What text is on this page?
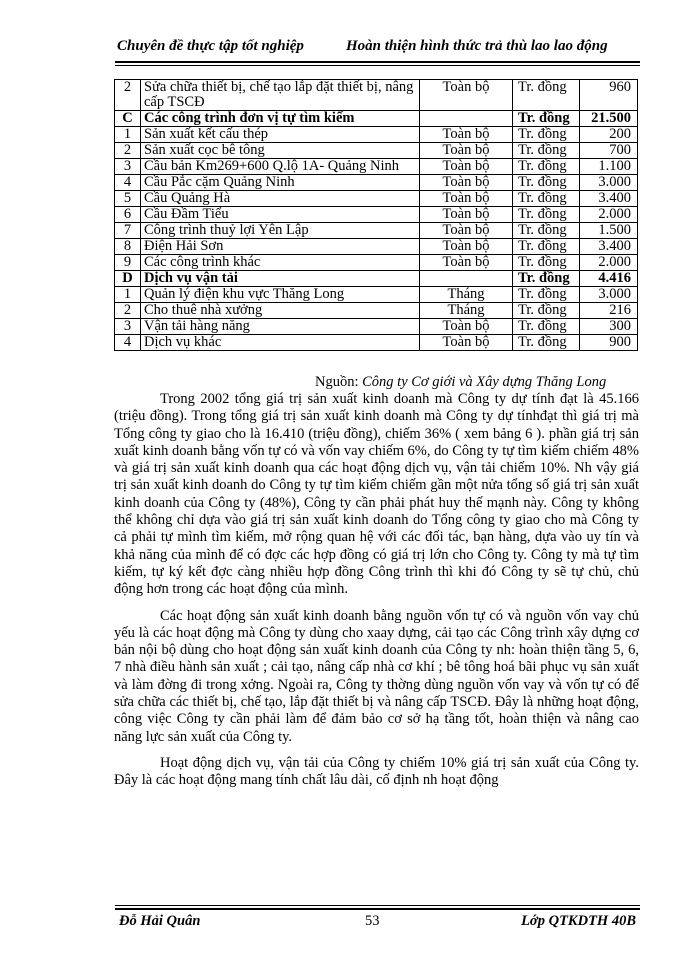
Chuyên đề thực tập tốt nghiệp	Hoàn thiện hình thức trả thù lao lao động
2	Sửa chữa thiết bị, chế tạo lắp đặt thiết bị, nâng cấp TSCĐ	Toàn bộ	Tr. đồng	960
C	Các công trình đơn vị tự tìm kiếm		Tr. đồng	21.500
1	Sản xuất kết cấu thép	Toàn bộ	Tr. đồng	200
2	Sản xuất cọc bê tông	Toàn bộ	Tr. đồng	700
3	Cầu bản Km269+600 Q.lộ 1A- Quảng Ninh	Toàn bộ	Tr. đồng	1.100
4	Cầu Pắc cặm Quảng Ninh	Toàn bộ	Tr. đồng	3.000
5	Cầu Quảng Hà	Toàn bộ	Tr. đồng	3.400
6	Cầu Đầm Tiểu	Toàn bộ	Tr. đồng	2.000
7	Công trình thuỷ lợi Yên Lập	Toàn bộ	Tr. đồng	1.500
8	Điện Hải Sơn	Toàn bộ	Tr. đồng	3.400
9	Các công trình khác	Toàn bộ	Tr. đồng	2.000
D	Dịch vụ vận tải		Tr. đồng	4.416
1	Quản lý điện khu vực Thăng Long	Tháng	Tr. đồng	3.000
2	Cho thuê nhà xưởng	Tháng	Tr. đồng	216
3	Vận tải hàng năng	Toàn bộ	Tr. đồng	300
4	Dịch vụ khác	Toàn bộ	Tr. đồng	900
Nguồn: Công ty Cơ giới và Xây dựng Thăng Long

Trong 2002 tổng giá trị sản xuất kinh doanh mà Công ty dự tính đạt là 45.166 (triệu đồng). Trong tổng giá trị sản xuất kinh doanh mà Công ty dự tínhđạt thì giá trị mà Tổng công ty giao cho là 16.410 (triệu đồng), chiếm 36% ( xem bảng 6 ). phần giá trị sản xuất kinh doanh bằng vốn tự có và vốn vay chiếm 6%, do Công ty tự tìm kiếm chiếm 48% và giá trị sản xuất kinh doanh qua các hoạt động dịch vụ, vận tải chiếm 10%. Nh vậy giá trị sản xuất kinh doanh do Công ty tự tìm kiếm chiếm gần một nửa tổng số giá trị sản xuất kinh doanh của Công ty (48%), Công ty cần phải phát huy thế mạnh này. Công ty không thể không chỉ dựa vào giá trị sản xuất kinh doanh do Tổng công ty giao cho mà Công ty cả phải tự mình tìm kiếm, mở rộng quan hệ với các đối tác, bạn hàng, dựa vào uy tín và khả năng của mình để có đợc các hợp đồng có giá trị lớn cho Công ty. Công ty mà tự tìm kiếm, tự ký kết đợc càng nhiều hợp đồng Công trình thì khi đó Công ty sẽ tự chủ, chủ động hơn trong các hoạt động của mình.

Các hoạt động sản xuất kinh doanh bằng nguồn vốn tự có và nguồn vốn vay chủ yếu là các hoạt động mà Công ty dùng cho xaay dựng, cải tạo các Công trình xây dựng cơ bản nội bộ dùng cho hoạt động sản xuất kinh doanh của Công ty nh: hoàn thiện tầng 5, 6, 7 nhà điều hành sản xuất ; cải tạo, nâng cấp nhà cơ khí ; bê tông hoá bãi phục vụ sản xuất và làm đờng đi trong xởng. Ngoài ra, Công ty thờng dùng nguồn vốn vay và vốn tự có để sửa chữa các thiết bị, chế tạo, lắp đặt thiết bị và nâng cấp TSCĐ. Đây là những hoạt động, công việc Công ty cần phải làm để đảm bảo cơ sở hạ tầng tốt, hoàn thiện và nâng cao năng lực sản xuất của Công ty.

Hoạt động dịch vụ, vận tải của Công ty chiếm 10% giá trị sản xuất của Công ty. Đây là các hoạt động mang tính chất lâu dài, cố định nh hoạt động

Đỗ Hải Quân	53	Lớp QTKDTH 40B
